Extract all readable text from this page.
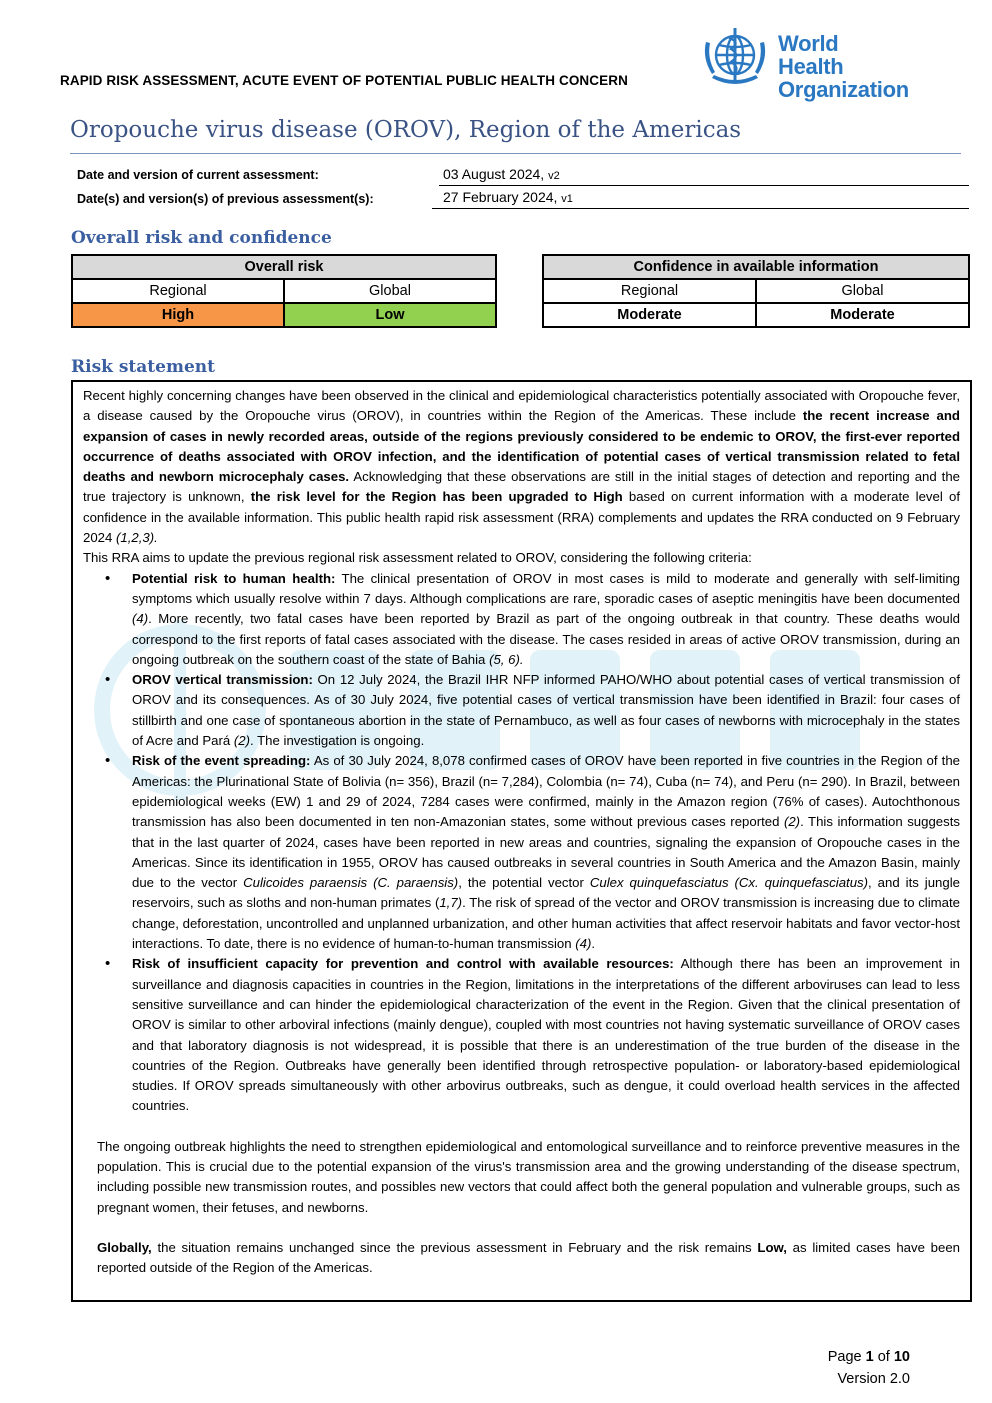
RAPID RISK ASSESSMENT, ACUTE EVENT OF POTENTIAL PUBLIC HEALTH CONCERN
World Health
Organization
Oropouche virus disease (OROV), Region of the Americas
Date and version of current assessment:	03 August 2024, v2
Date(s) and version(s) of previous assessment(s):	27 February 2024, v1
Overall risk and confidence
Overall risk	
Regional	Global
High	Low
Confidence in available information	
Regional	Global
Moderate	Moderate
Risk statement

Recent highly concerning changes have been observed in the clinical and epidemiological characteristics potentially associated with Oropouche fever, a disease caused by the Oropouche virus (OROV), in countries within the Region of the Americas. These include the recent increase and expansion of cases in newly recorded areas, outside of the regions previously considered to be endemic to OROV, the first-ever reported occurrence of deaths associated with OROV infection, and the identification of potential cases of vertical transmission related to fetal deaths and newborn microcephaly cases. Acknowledging that these observations are still in the initial stages of detection and reporting and the true trajectory is unknown, the risk level for the Region has been upgraded to High based on current information with a moderate level of confidence in the available information. This public health rapid risk assessment (RRA) complements and updates the RRA conducted on 9 February 2024 (1,2,3).

This RRA aims to update the previous regional risk assessment related to OROV, considering the following criteria:

• Potential risk to human health: The clinical presentation of OROV in most cases is mild to moderate and generally with self-limiting symptoms which usually resolve within 7 days. Although complications are rare, sporadic cases of aseptic meningitis have been documented (4). More recently, two fatal cases have been reported by Brazil as part of the ongoing outbreak in that country. These deaths would correspond to the first reports of fatal cases associated with the disease. The cases resided in areas of active OROV transmission, during an ongoing outbreak on the southern coast of the state of Bahia (5, 6).
• OROV vertical transmission: On 12 July 2024, the Brazil IHR NFP informed PAHO/WHO about potential cases of vertical transmission of OROV and its consequences. As of 30 July 2024, five potential cases of vertical transmission have been identified in Brazil: four cases of stillbirth and one case of spontaneous abortion in the state of Pernambuco, as well as four cases of newborns with microcephaly in the states of Acre and Pará (2). The investigation is ongoing.
• Risk of the event spreading: As of 30 July 2024, 8,078 confirmed cases of OROV have been reported in five countries in the Region of the Americas: the Plurinational State of Bolivia (n= 356), Brazil (n= 7,284), Colombia (n= 74), Cuba (n= 74), and Peru (n= 290). In Brazil, between epidemiological weeks (EW) 1 and 29 of 2024, 7284 cases were confirmed, mainly in the Amazon region (76% of cases). Autochthonous transmission has also been documented in ten non-Amazonian states, some without previous cases reported (2). This information suggests that in the last quarter of 2024, cases have been reported in new areas and countries, signaling the expansion of Oropouche cases in the Americas. Since its identification in 1955, OROV has caused outbreaks in several countries in South America and the Amazon Basin, mainly due to the vector Culicoides paraensis (C. paraensis), the potential vector Culex quinquefasciatus (Cx. quinquefasciatus), and its jungle reservoirs, such as sloths and non-human primates (1,7). The risk of spread of the vector and OROV transmission is increasing due to climate change, deforestation, uncontrolled and unplanned urbanization, and other human activities that affect reservoir habitats and favor vector-host interactions. To date, there is no evidence of human-to-human transmission (4).
• Risk of insufficient capacity for prevention and control with available resources: Although there has been an improvement in surveillance and diagnosis capacities in countries in the Region, limitations in the interpretations of the different arboviruses can lead to less sensitive surveillance and can hinder the epidemiological characterization of the event in the Region. Given that the clinical presentation of OROV is similar to other arboviral infections (mainly dengue), coupled with most countries not having systematic surveillance of OROV cases and that laboratory diagnosis is not widespread, it is possible that there is an underestimation of the true burden of the disease in the countries of the Region. Outbreaks have generally been identified through retrospective population- or laboratory-based epidemiological studies. If OROV spreads simultaneously with other arbovirus outbreaks, such as dengue, it could overload health services in the affected countries.

The ongoing outbreak highlights the need to strengthen epidemiological and entomological surveillance and to reinforce preventive measures in the population. This is crucial due to the potential expansion of the virus's transmission area and the growing understanding of the disease spectrum, including possible new transmission routes, and possibles new vectors that could affect both the general population and vulnerable groups, such as pregnant women, their fetuses, and newborns.

Globally, the situation remains unchanged since the previous assessment in February and the risk remains Low, as limited cases have been reported outside of the Region of the Americas.

Page 1 of 10
Version 2.0
